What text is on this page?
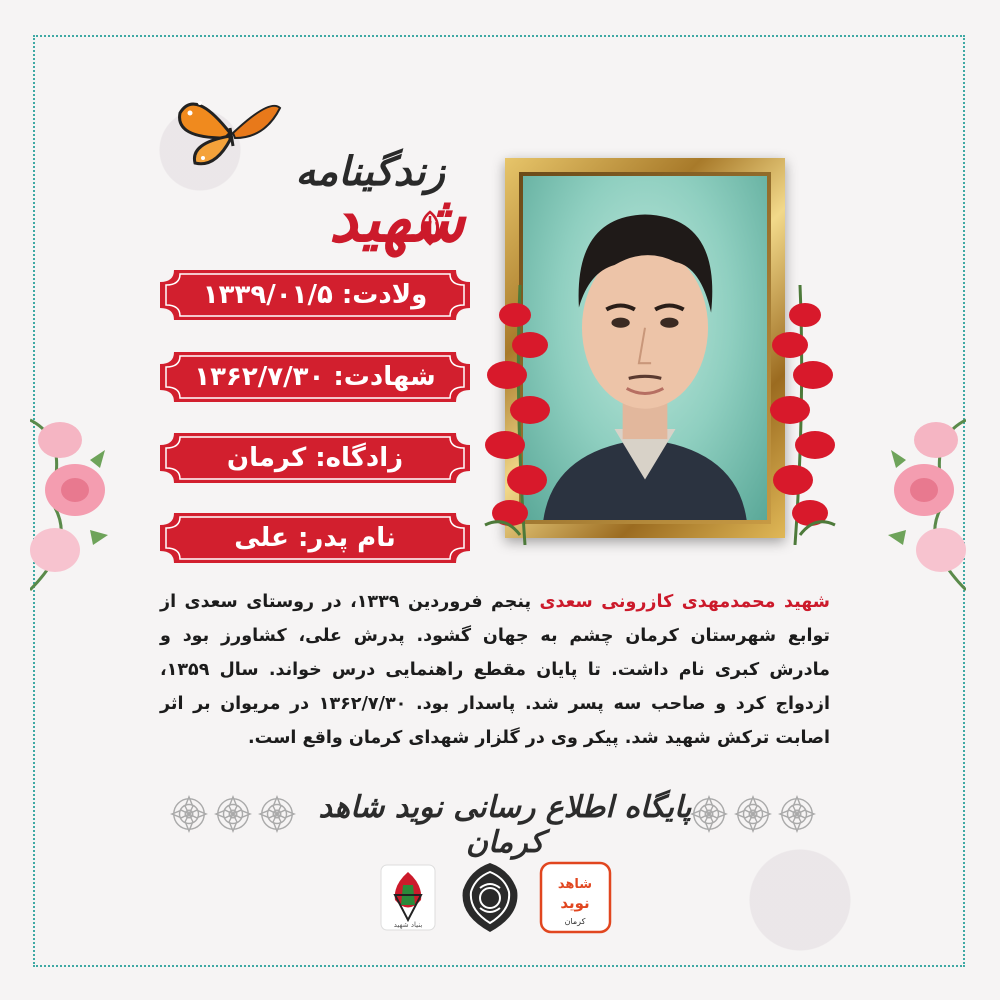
زندگینامه
شهید
ولادت: ۱۳۳۹/۰۱/۵
شهادت: ۱۳۶۲/۷/۳۰
زادگاه: کرمان
نام پدر: علی
شهید محمدمهدی کازرونی سعدی پنجم فروردین ۱۳۳۹، در روستای سعدی از توابع شهرستان کرمان چشم به جهان گشود. پدرش علی، کشاورز بود و مادرش کبری نام داشت. تا پایان مقطع راهنمایی درس خواند. سال ۱۳۵۹، ازدواج کرد و صاحب سه پسر شد. پاسدار بود. ۱۳۶۲/۷/۳۰ در مریوان بر اثر اصابت ترکش شهید شد. پیکر وی در گلزار شهدای کرمان واقع است.
پایگاه اطلاع رسانی نوید شاهد کرمان
بنیاد شهید
شاهد
نوید
کرمان
